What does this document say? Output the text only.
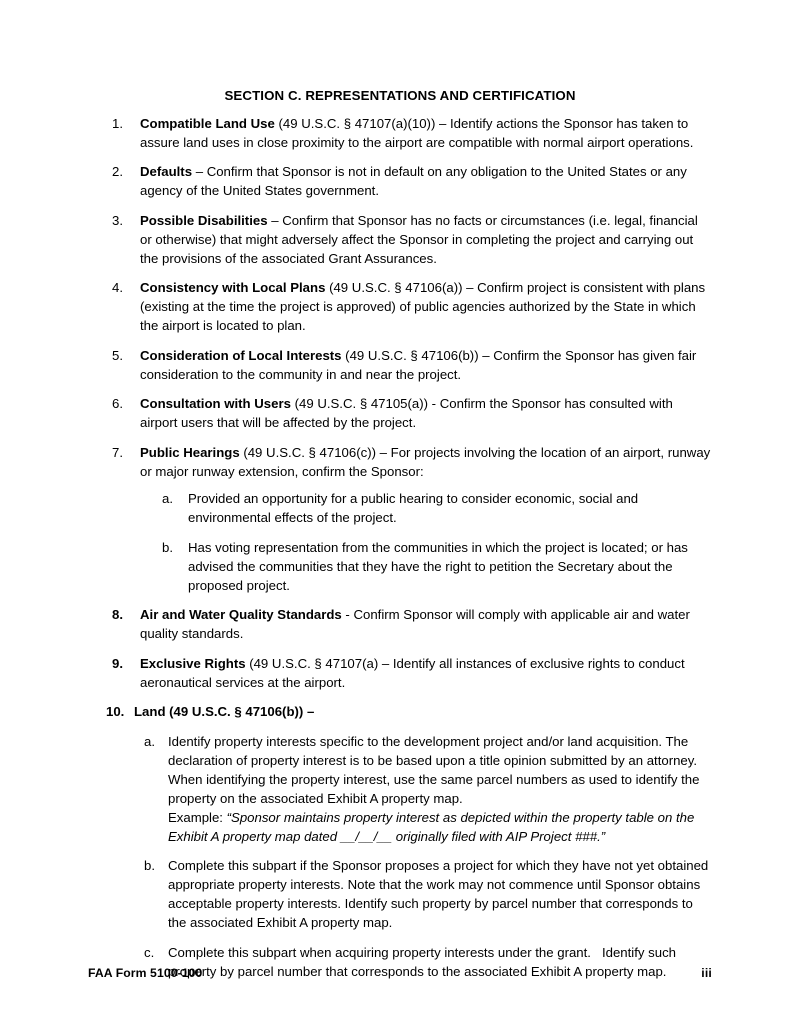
SECTION C. REPRESENTATIONS AND CERTIFICATION
1.	Compatible Land Use (49 U.S.C. § 47107(a)(10)) – Identify actions the Sponsor has taken to assure land uses in close proximity to the airport are compatible with normal airport operations.
2.	Defaults – Confirm that Sponsor is not in default on any obligation to the United States or any agency of the United States government.
3.	Possible Disabilities – Confirm that Sponsor has no facts or circumstances (i.e. legal, financial or otherwise) that might adversely affect the Sponsor in completing the project and carrying out the provisions of the associated Grant Assurances.
4.	Consistency with Local Plans (49 U.S.C. § 47106(a)) – Confirm project is consistent with plans (existing at the time the project is approved) of public agencies authorized by the State in which the airport is located to plan.
5.	Consideration of Local Interests (49 U.S.C. § 47106(b)) – Confirm the Sponsor has given fair consideration to the community in and near the project.
6.	Consultation with Users (49 U.S.C. § 47105(a)) - Confirm the Sponsor has consulted with airport users that will be affected by the project.
7.	Public Hearings (49 U.S.C. § 47106(c)) – For projects involving the location of an airport, runway or major runway extension, confirm the Sponsor:
a.	Provided an opportunity for a public hearing to consider economic, social and environmental effects of the project.
b.	Has voting representation from the communities in which the project is located; or has advised the communities that they have the right to petition the Secretary about the proposed project.
8.	Air and Water Quality Standards - Confirm Sponsor will comply with applicable air and water quality standards.
9.	Exclusive Rights (49 U.S.C. § 47107(a) – Identify all instances of exclusive rights to conduct aeronautical services at the airport.
10. Land (49 U.S.C. § 47106(b)) –
a. Identify property interests specific to the development project and/or land acquisition. The declaration of property interest is to be based upon a title opinion submitted by an attorney. When identifying the property interest, use the same parcel numbers as used to identify the property on the associated Exhibit A property map.
Example: “Sponsor maintains property interest as depicted within the property table on the Exhibit A property map dated __/__/__ originally filed with AIP Project ###.”
b. Complete this subpart if the Sponsor proposes a project for which they have not yet obtained appropriate property interests. Note that the work may not commence until Sponsor obtains acceptable property interests. Identify such property by parcel number that corresponds to the associated Exhibit A property map.
c.	Complete this subpart when acquiring property interests under the grant.   Identify such property by parcel number that corresponds to the associated Exhibit A property map.
FAA Form 5100-100	iii
